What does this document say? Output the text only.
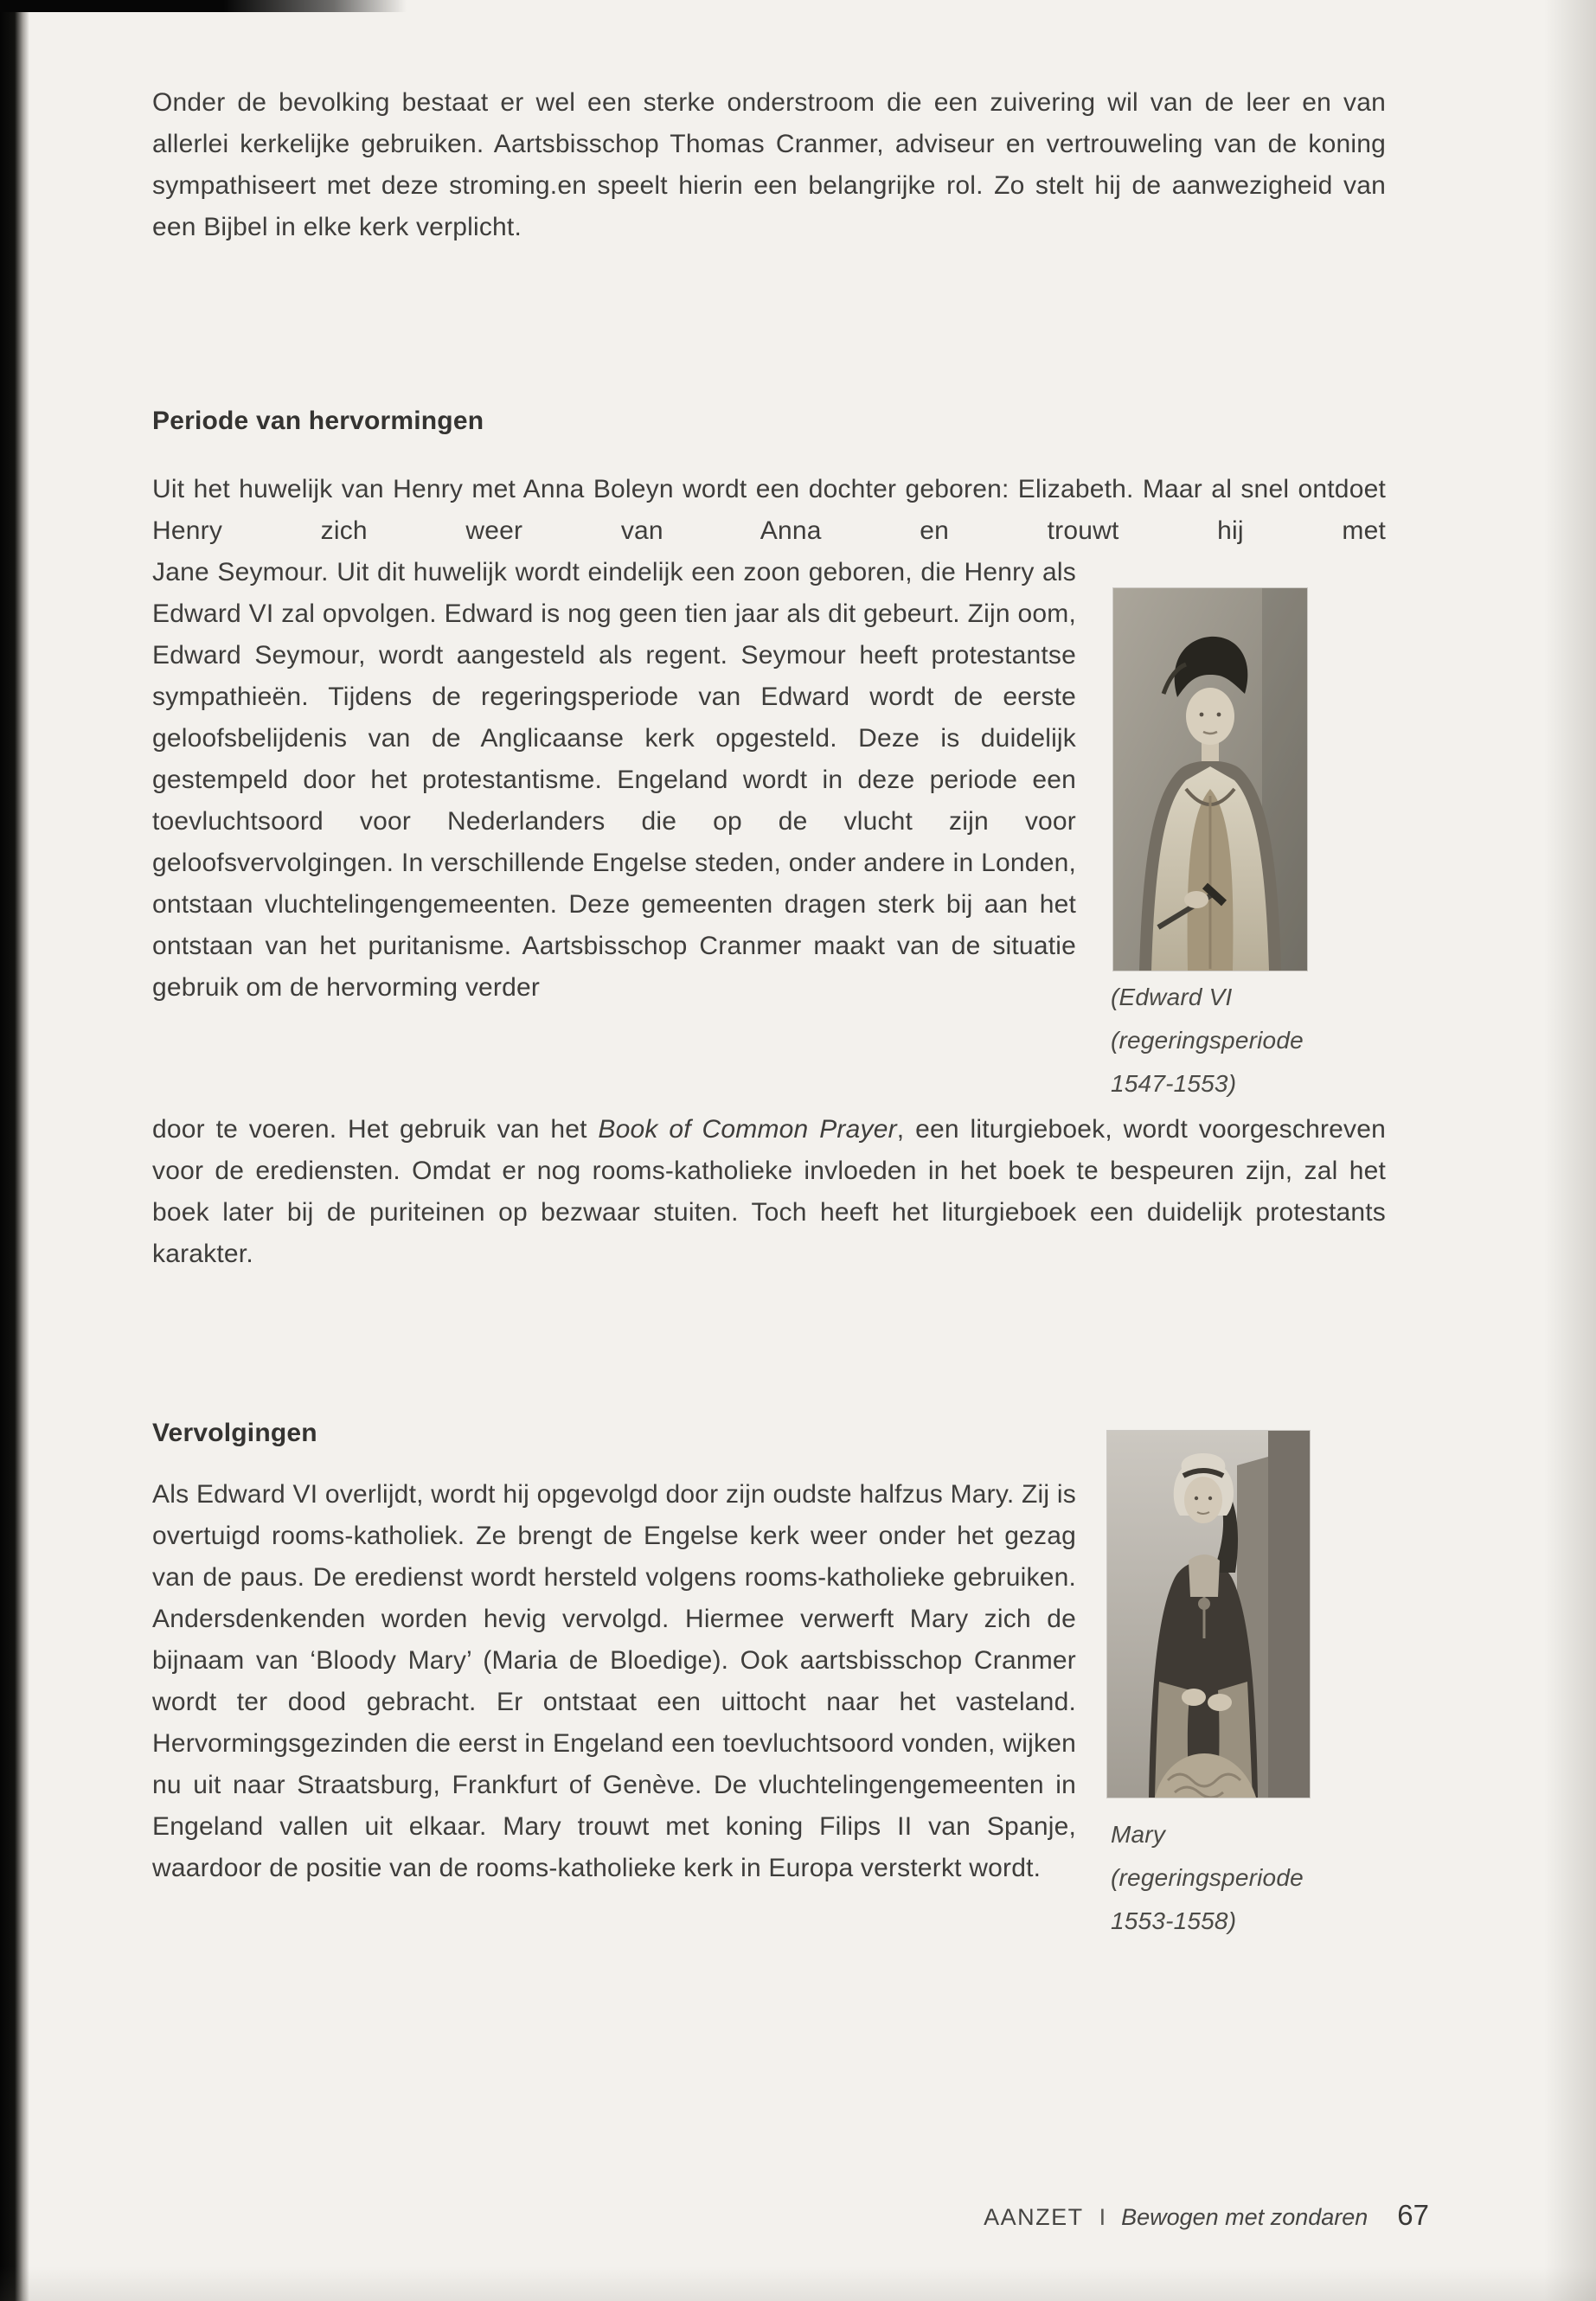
Onder de bevolking bestaat er wel een sterke onderstroom die een zuivering wil van de leer en van allerlei kerkelijke gebruiken. Aartsbisschop Thomas Cranmer, adviseur en vertrouweling van de koning sympathiseert met deze stroming.en speelt hierin een belangrijke rol. Zo stelt hij de aanwezigheid van een Bijbel in elke kerk verplicht.

Periode van hervormingen

Uit het huwelijk van Henry met Anna Boleyn wordt een dochter geboren: Elizabeth. Maar al snel ontdoet Henry zich weer van Anna en trouwt hij met

Jane Seymour. Uit dit huwelijk wordt eindelijk een zoon geboren, die Henry als Edward VI zal opvolgen. Edward is nog geen tien jaar als dit gebeurt. Zijn oom, Edward Seymour, wordt aangesteld als regent. Seymour heeft protestantse sympathieën. Tijdens de regeringsperiode van Edward wordt de eerste geloofsbelijdenis van de Anglicaanse kerk opgesteld. Deze is duidelijk gestempeld door het protestantisme. Engeland wordt in deze periode een toevluchtsoord voor Nederlanders die op de vlucht zijn voor geloofsvervolgingen. In verschillende Engelse steden, onder andere in Londen, ontstaan vluchtelingengemeenten. Deze gemeenten dragen sterk bij aan het ontstaan van het puritanisme. Aartsbisschop Cranmer maakt van de situatie gebruik om de hervorming verder

door te voeren. Het gebruik van het Book of Common Prayer, een liturgieboek, wordt voorgeschreven voor de erediensten. Omdat er nog rooms-katholieke invloeden in het boek te bespeuren zijn, zal het boek later bij de puriteinen op bezwaar stuiten. Toch heeft het liturgieboek een duidelijk protestants karakter.

(Edward VI
(regeringsperiode
1547-1553)
Vervolgingen

Als Edward VI overlijdt, wordt hij opgevolgd door zijn oudste halfzus Mary. Zij is overtuigd rooms-katholiek. Ze brengt de Engelse kerk weer onder het gezag van de paus. De eredienst wordt hersteld volgens rooms-katholieke gebruiken. Andersdenkenden worden hevig vervolgd. Hiermee verwerft Mary zich de bijnaam van ‘Bloody Mary’ (Maria de Bloedige). Ook aartsbisschop Cranmer wordt ter dood gebracht. Er ontstaat een uittocht naar het vasteland. Hervormingsgezinden die eerst in Engeland een toevluchtsoord vonden, wijken nu uit naar Straatsburg, Frankfurt of Genève. De vluchtelingengemeenten in Engeland vallen uit elkaar. Mary trouwt met koning Filips II van Spanje, waardoor de positie van de rooms-katholieke kerk in Europa versterkt wordt.

Mary
(regeringsperiode
1553-1558)
AANZET I Bewogen met zondaren 67
